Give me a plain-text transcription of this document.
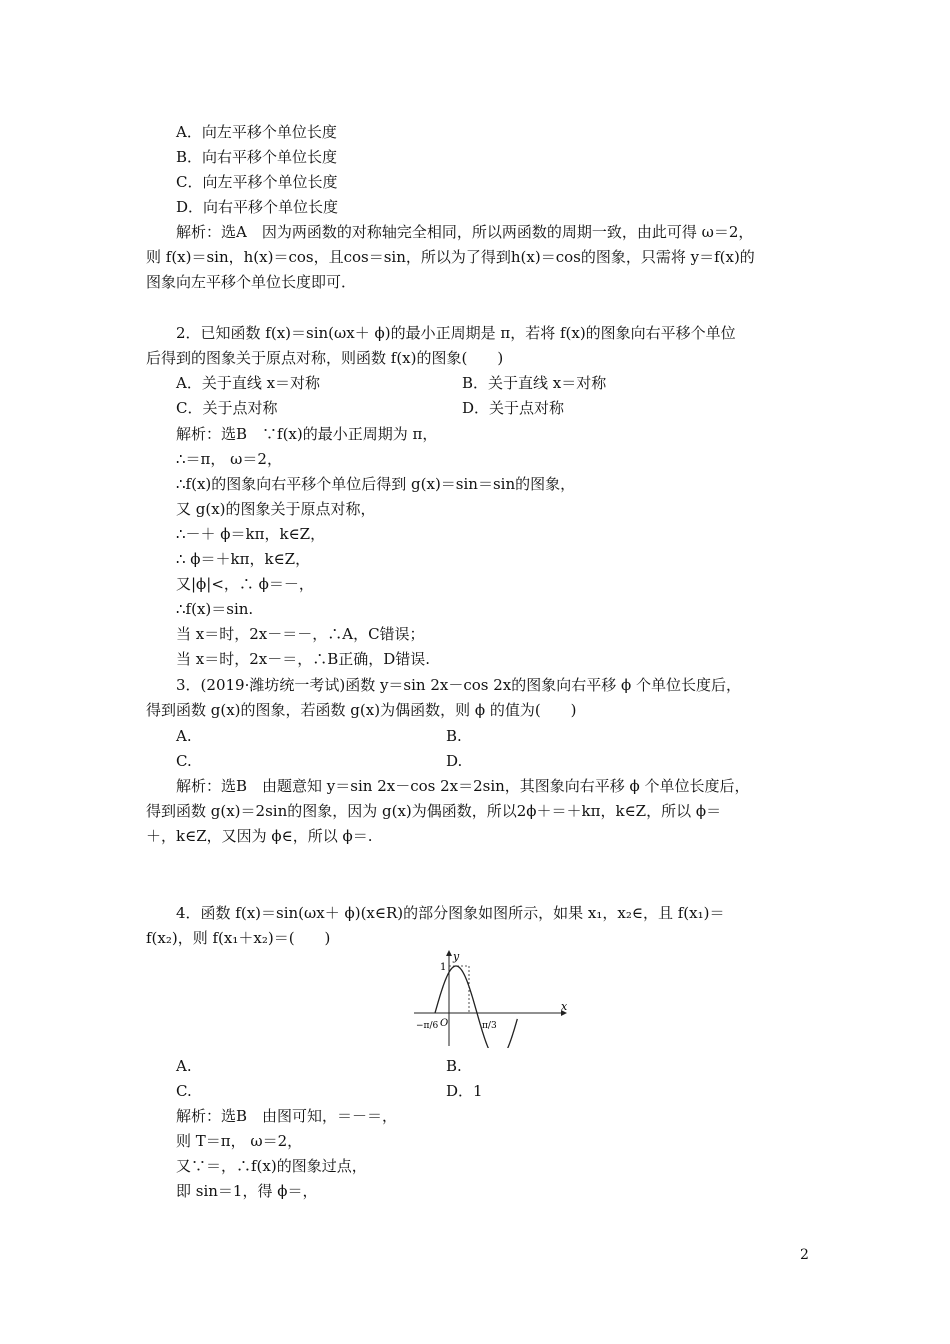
A．向左平移个单位长度
B．向右平移个单位长度
C．向左平移个单位长度
D．向右平移个单位长度
解析：选A　因为两函数的对称轴完全相同，所以两函数的周期一致，由此可得 ω＝2，
则 f(x)＝sin，h(x)＝cos，且cos＝sin，所以为了得到h(x)＝cos的图象，只需将 y＝f(x)的
图象向左平移个单位长度即可．
2．已知函数 f(x)＝sin(ωx＋ ϕ)的最小正周期是 π，若将 f(x)的图象向右平移个单位
后得到的图象关于原点对称，则函数 f(x)的图象(　　)
A．关于直线 x＝对称	B．关于直线 x＝对称
C．关于点对称	D．关于点对称
解析：选B　∵f(x)的最小正周期为 π，
∴＝π， ω＝2，
∴f(x)的图象向右平移个单位后得到 g(x)＝sin＝sin的图象，
又 g(x)的图象关于原点对称，
∴－＋ ϕ＝kπ，k∈Z，
∴ ϕ＝＋kπ，k∈Z，
又|ϕ|<，∴ ϕ＝－，
∴f(x)＝sin.
当 x＝时，2x－＝－，∴A，C错误；
当 x＝时，2x－＝，∴B正确，D错误.
3．(2019·潍坊统一考试)函数 y＝sin 2x－cos 2x的图象向右平移 ϕ 个单位长度后，
得到函数 g(x)的图象，若函数 g(x)为偶函数，则 ϕ 的值为(　　)
A.	B.
C.	D.
解析：选B　由题意知 y＝sin 2x－cos 2x＝2sin，其图象向右平移 ϕ 个单位长度后，
得到函数 g(x)＝2sin的图象，因为 g(x)为偶函数，所以2ϕ＋＝＋kπ，k∈Z，所以 ϕ＝
＋，k∈Z，又因为 ϕ∈，所以 ϕ＝.
4．函数 f(x)＝sin(ωx＋ ϕ)(x∈R)的部分图象如图所示，如果 x₁，x₂∈，且 f(x₁)＝
f(x₂)，则 f(x₁＋x₂)＝(　　)
y
x
1
O
−π/6	π/3
A.	B.
C.	D．1
解析：选B　由图可知，＝－＝，
则 T＝π， ω＝2，
又∵＝，∴f(x)的图象过点，
即 sin＝1，得 ϕ＝，
2
